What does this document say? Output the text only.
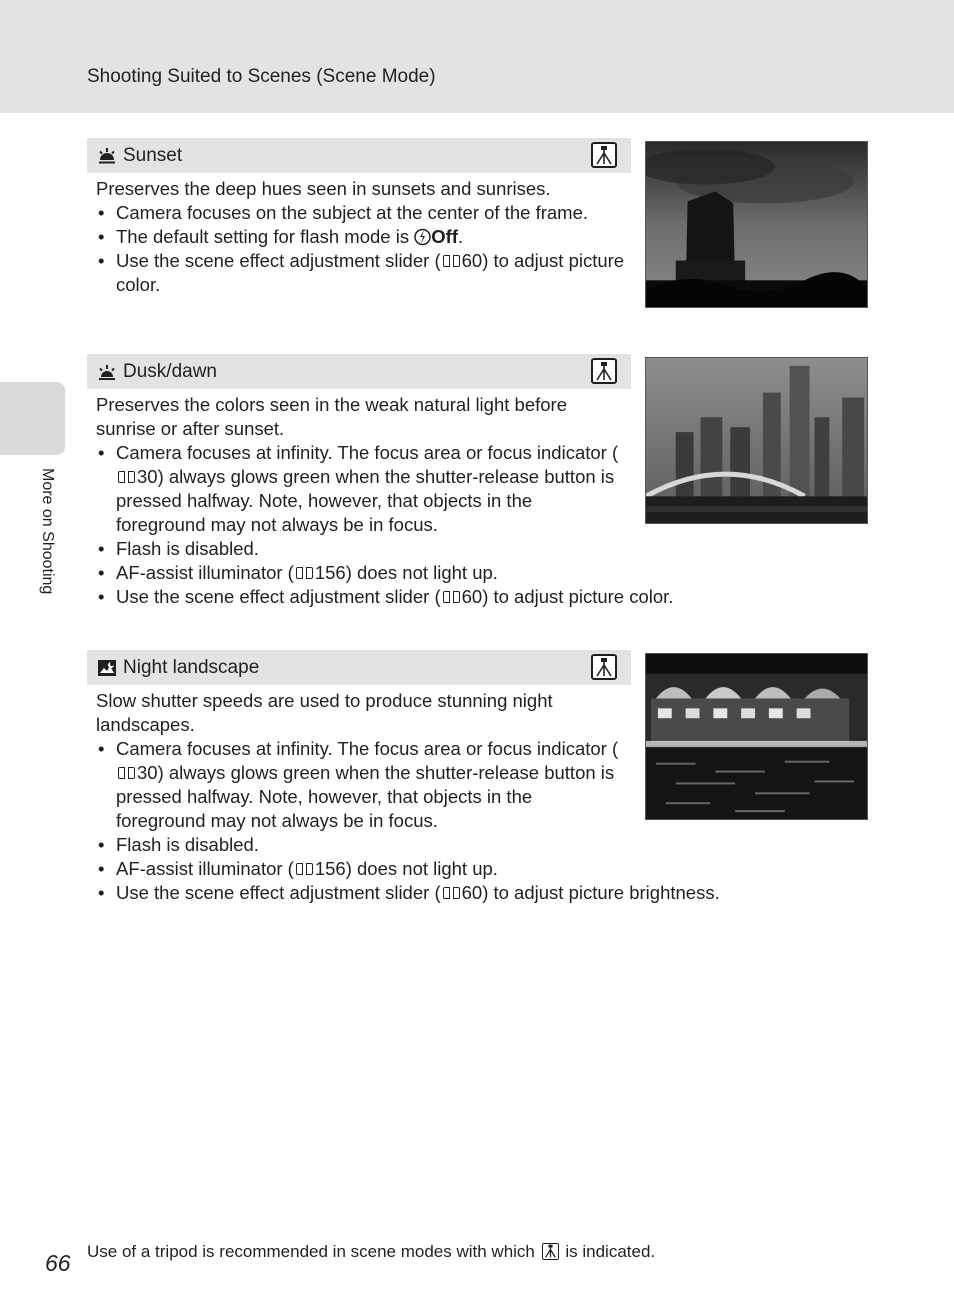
Shooting Suited to Scenes (Scene Mode)
More on Shooting
Sunset

Preserves the deep hues seen in sunsets and sunrises.

• Camera focuses on the subject at the center of the frame.
• The default setting for flash mode is Off.
• Use the scene effect adjustment slider ( 60) to adjust picture color.
Dusk/dawn

Preserves the colors seen in the weak natural light before sunrise or after sunset.

• Camera focuses at infinity. The focus area or focus indicator (30) always glows green when the shutter-release button is pressed halfway. Note, however, that objects in the foreground may not always be in focus.
• Flash is disabled.
• AF-assist illuminator ( 156) does not light up.
• Use the scene effect adjustment slider ( 60) to adjust picture color.
Night landscape

Slow shutter speeds are used to produce stunning night landscapes.

• Camera focuses at infinity. The focus area or focus indicator (30) always glows green when the shutter-release button is pressed halfway. Note, however, that objects in the foreground may not always be in focus.
• Flash is disabled.
• AF-assist illuminator ( 156) does not light up.
• Use the scene effect adjustment slider ( 60) to adjust picture brightness.
Use of a tripod is recommended in scene modes with which is indicated.
66
